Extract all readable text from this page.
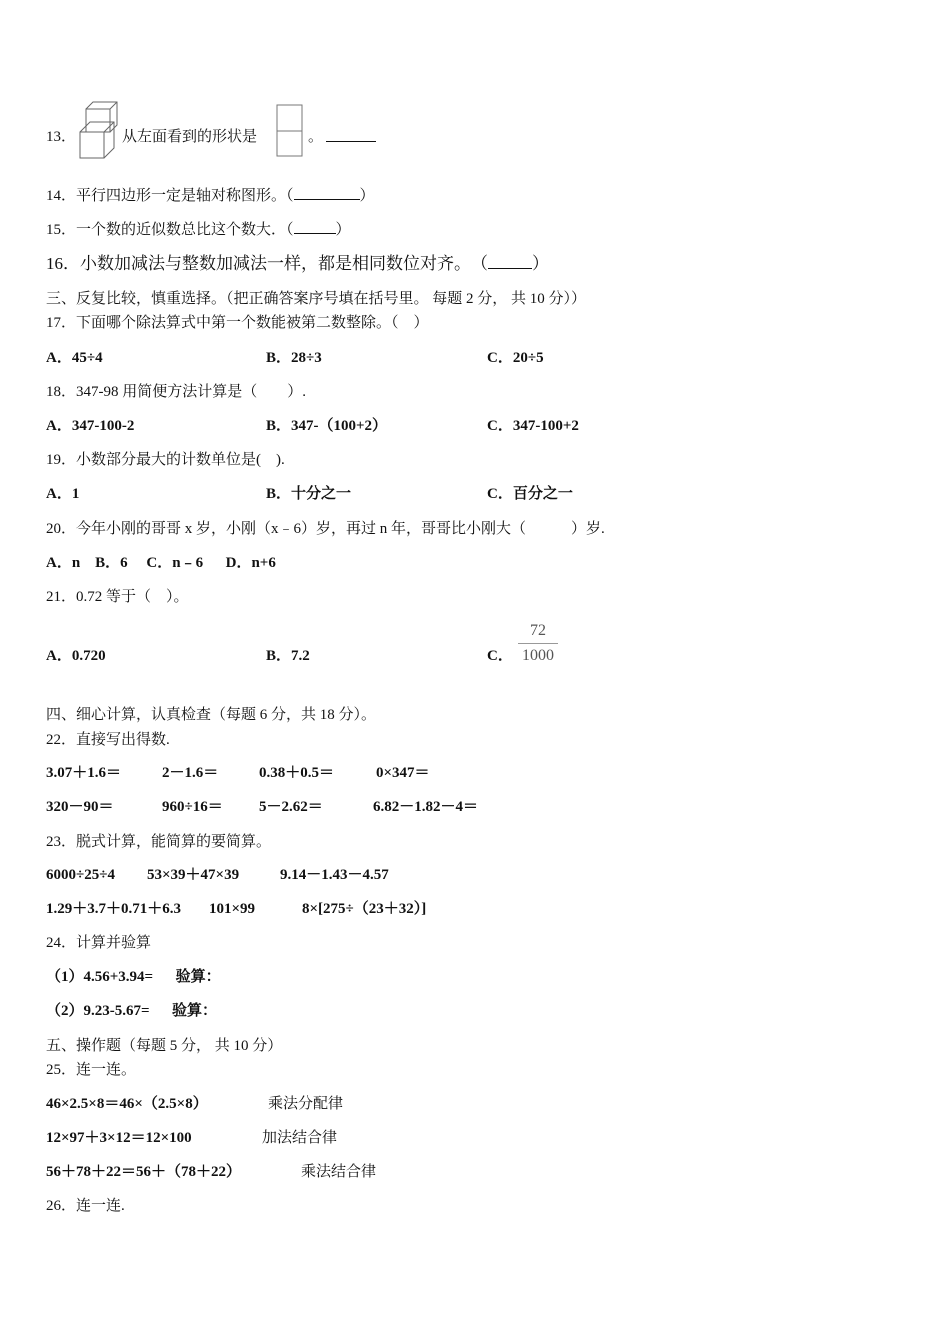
13．	从左面看到的形状是	。
14．平行四边形一定是轴对称图形。（	）
15．一个数的近似数总比这个数大．（	）
16．小数加减法与整数加减法一样，都是相同数位对齐。　（	）
三、反复比较，慎重选择。（把正确答案序号填在括号里。 每题 2 分， 共 10 分））
17．下面哪个除法算式中第一个数能被第二数整除。（　）
A．45÷4	B．28÷3	C．20÷5
18．347-98 用简便方法计算是（　　）.
A．347-100-2	B．347-（100+2）	C．347-100+2
19．小数部分最大的计数单位是(　).
A．1	B．十分之一	C．百分之一
20．今年小刚的哥哥 x 岁，小刚（x﹣6）岁，再过 n 年，哥哥比小刚大（　　　）岁.
A．n　B．6　 C．n﹣6　  D．n+6
21．0.72 等于（　）。
A．0.720	B．7.2	C．
72
1000
四、细心计算，认真检查（每题 6 分，共 18 分）。
22．直接写出得数.
3.07＋1.6＝	2－1.6＝	0.38＋0.5＝	0×347＝
320－90＝	960÷16＝ 5－2.62＝	6.82－1.82－4＝
23．脱式计算，能简算的要简算。
6000÷25÷4 53×39＋47×39	9.14－1.43－4.57
1.29＋3.7＋0.71＋6.3 101×99	8×[275÷（23＋32）]
24．计算并验算
（1）4.56+3.94=　  验算：
（2）9.23-5.67=　  验算：
五、操作题（每题 5 分， 共 10 分）
25．连一连。
46×2.5×8＝46×（2.5×8）	乘法分配律
12×97＋3×12＝12×100	加法结合律
56＋78＋22＝56＋（78＋22）	乘法结合律
26．连一连.
